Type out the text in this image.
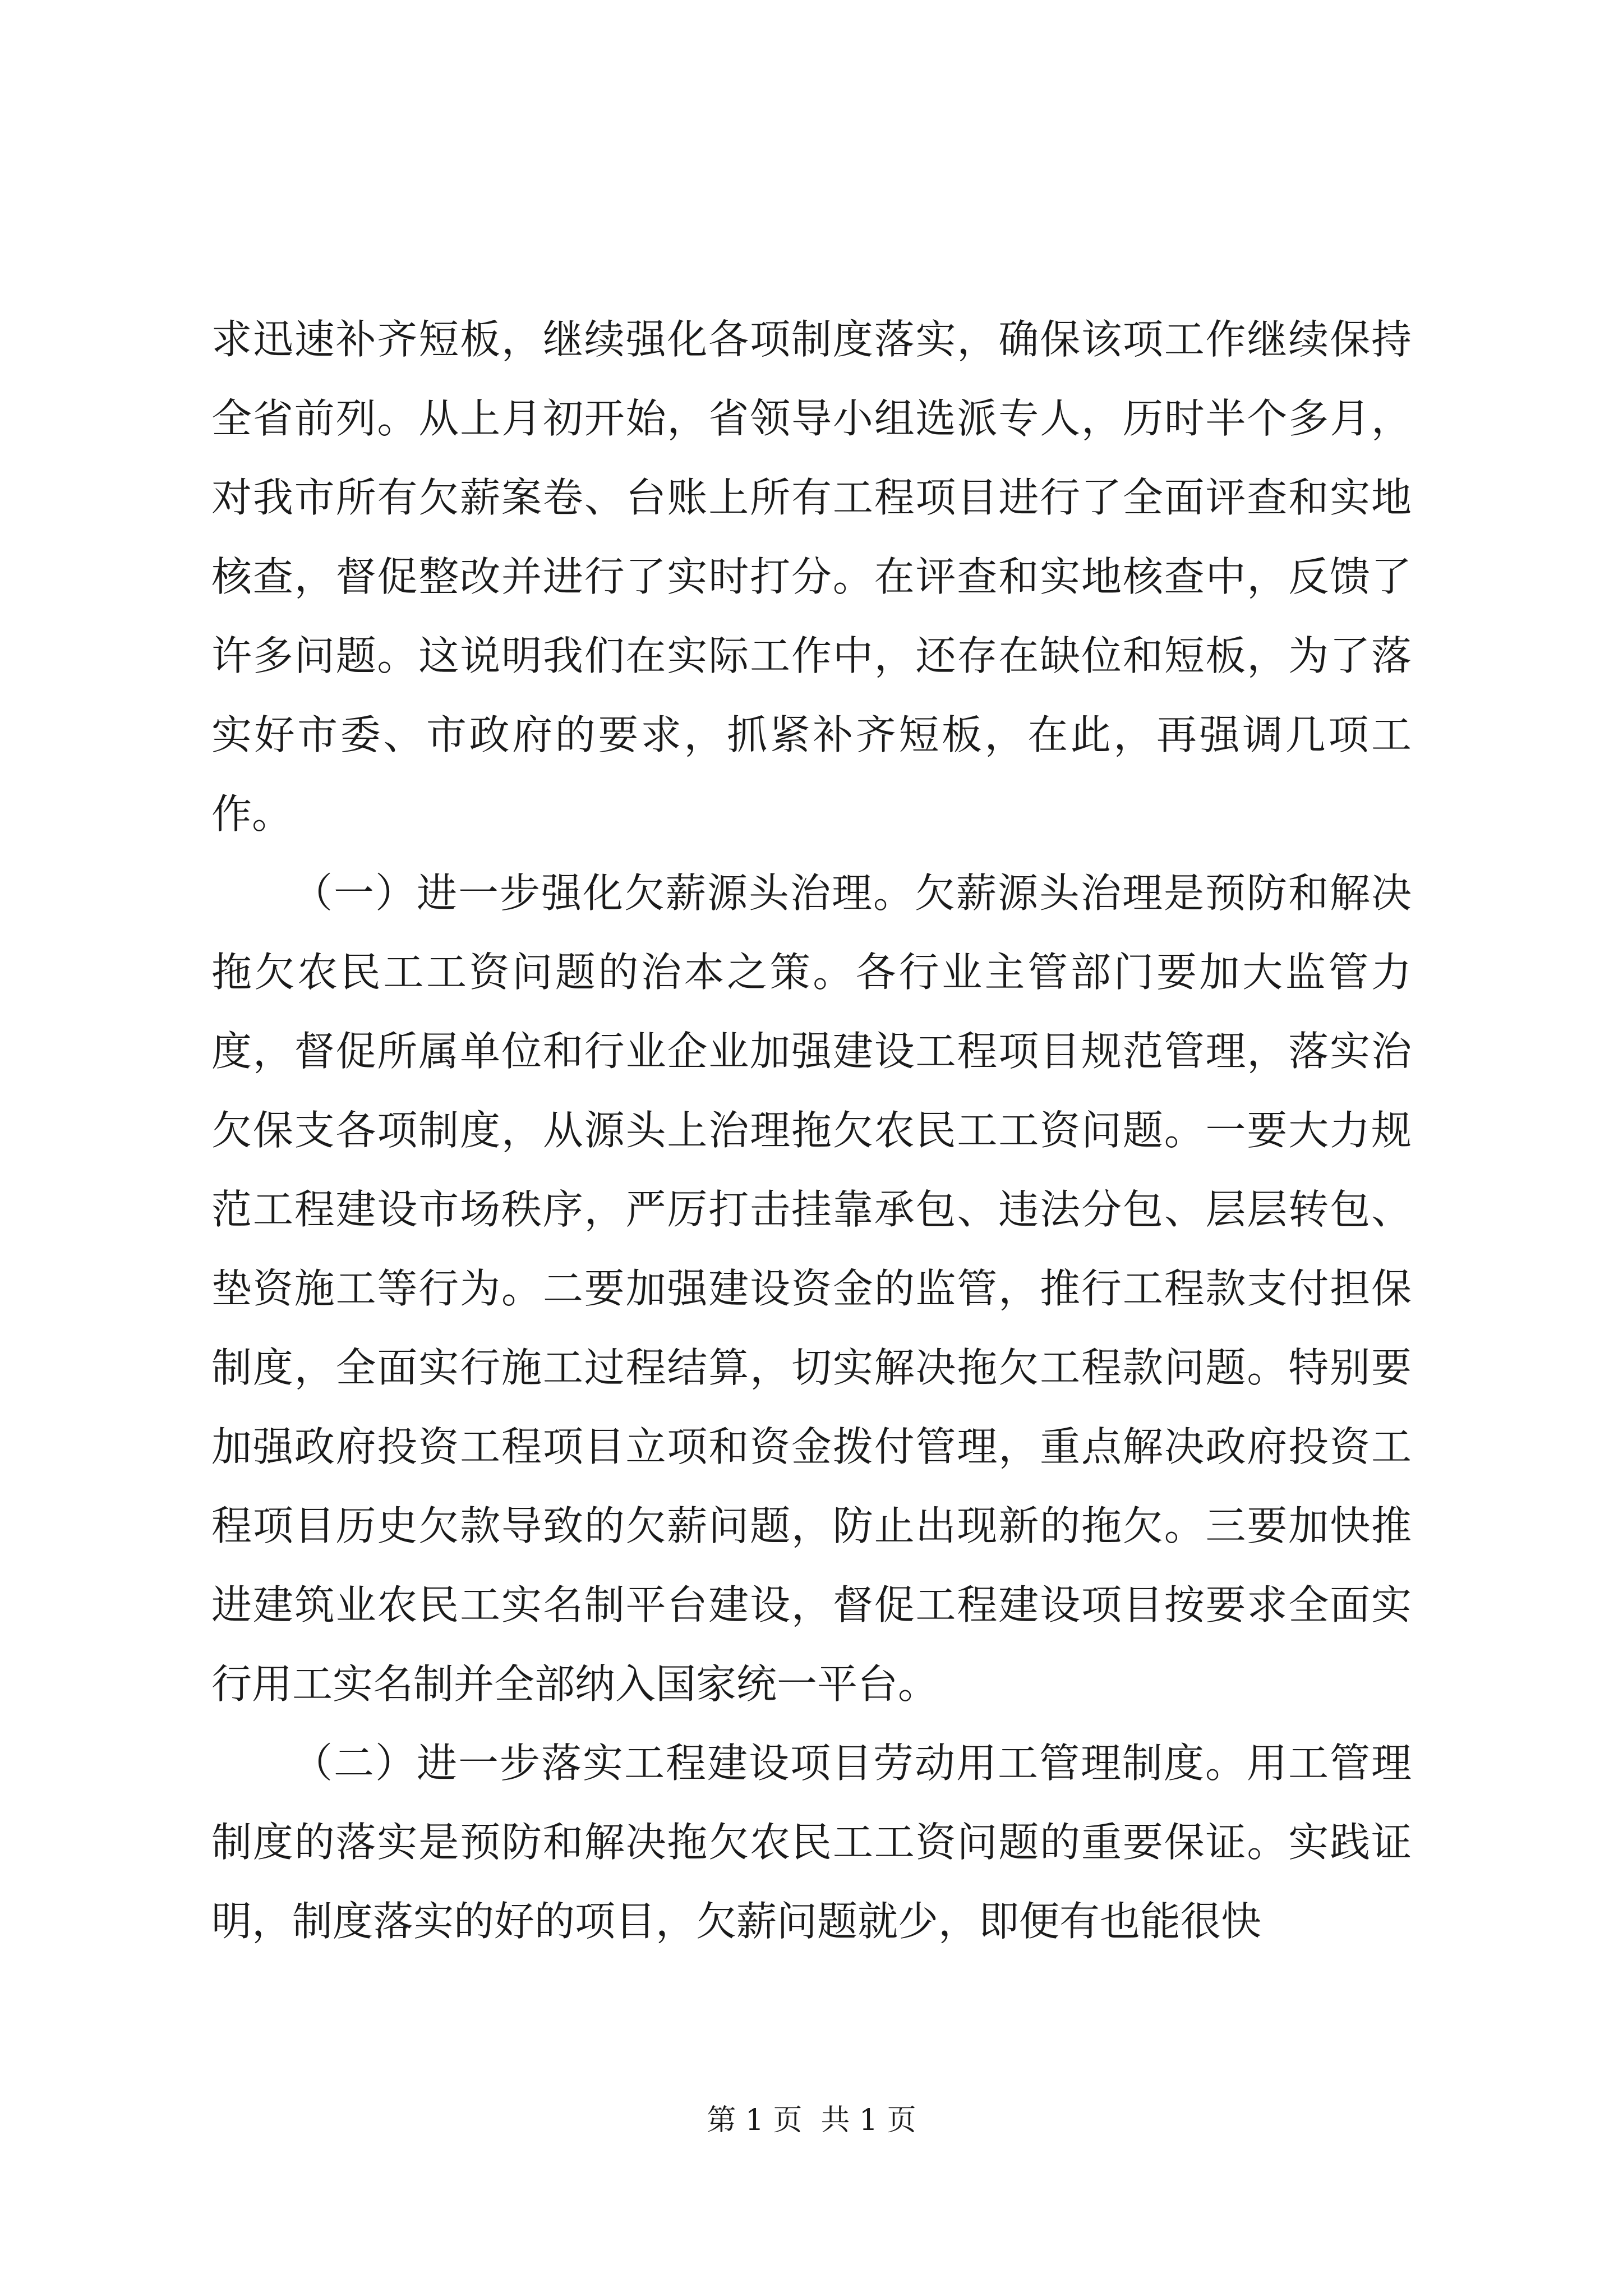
求迅速补齐短板，继续强化各项制度落实，确保该项工作继续保持全省前列。从上月初开始，省领导小组选派专人，历时半个多月，对我市所有欠薪案卷、台账上所有工程项目进行了全面评查和实地核查，督促整改并进行了实时打分。在评查和实地核查中，反馈了许多问题。这说明我们在实际工作中，还存在缺位和短板，为了落实好市委、市政府的要求，抓紧补齐短板，在此，再强调几项工作。

（一）进一步强化欠薪源头治理。欠薪源头治理是预防和解决拖欠农民工工资问题的治本之策。各行业主管部门要加大监管力度，督促所属单位和行业企业加强建设工程项目规范管理，落实治欠保支各项制度，从源头上治理拖欠农民工工资问题。一要大力规范工程建设市场秩序，严厉打击挂靠承包、违法分包、层层转包、垫资施工等行为。二要加强建设资金的监管，推行工程款支付担保制度，全面实行施工过程结算，切实解决拖欠工程款问题。特别要加强政府投资工程项目立项和资金拨付管理，重点解决政府投资工程项目历史欠款导致的欠薪问题，防止出现新的拖欠。三要加快推进建筑业农民工实名制平台建设，督促工程建设项目按要求全面实行用工实名制并全部纳入国家统一平台。

（二）进一步落实工程建设项目劳动用工管理制度。用工管理制度的落实是预防和解决拖欠农民工工资问题的重要保证。实践证明，制度落实的好的项目，欠薪问题就少，即便有也能很快

第 1 页  共 1 页
